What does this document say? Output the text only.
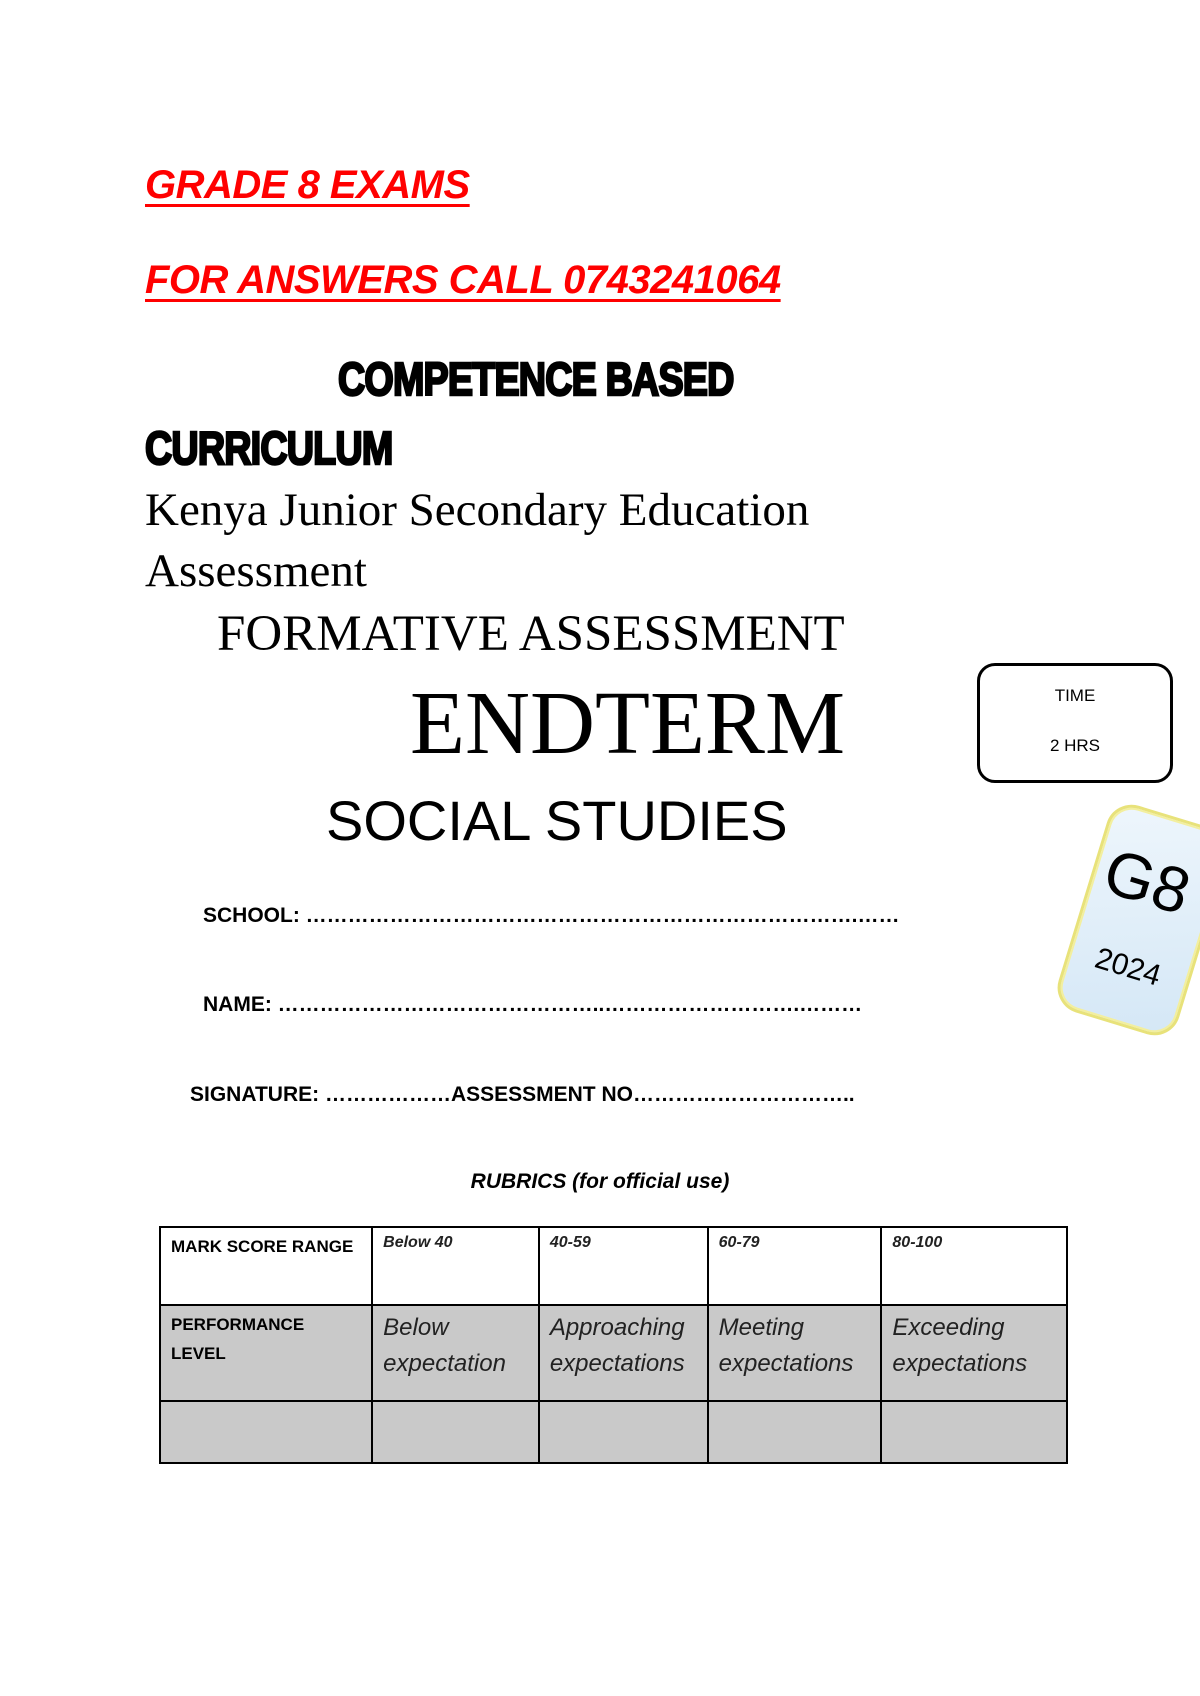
GRADE 8 EXAMS
FOR ANSWERS CALL 0743241064
COMPETENCE BASED
CURRICULUM
Kenya Junior Secondary Education
Assessment
FORMATIVE ASSESSMENT
ENDTERM
SOCIAL STUDIES
TIME
2 HRS
G8
2024
SCHOOL: …………………………………………………………………….……
NAME: ………………………………………..……………………….………
SIGNATURE: ………………ASSESSMENT NO…………………………..
RUBRICS (for official use)
MARK SCORE RANGE	Below 40	40-59	60-79	80-100

PERFORMANCE LEVEL	Below expectation	Approaching expectations	Meeting expectations	Exceeding expectations
